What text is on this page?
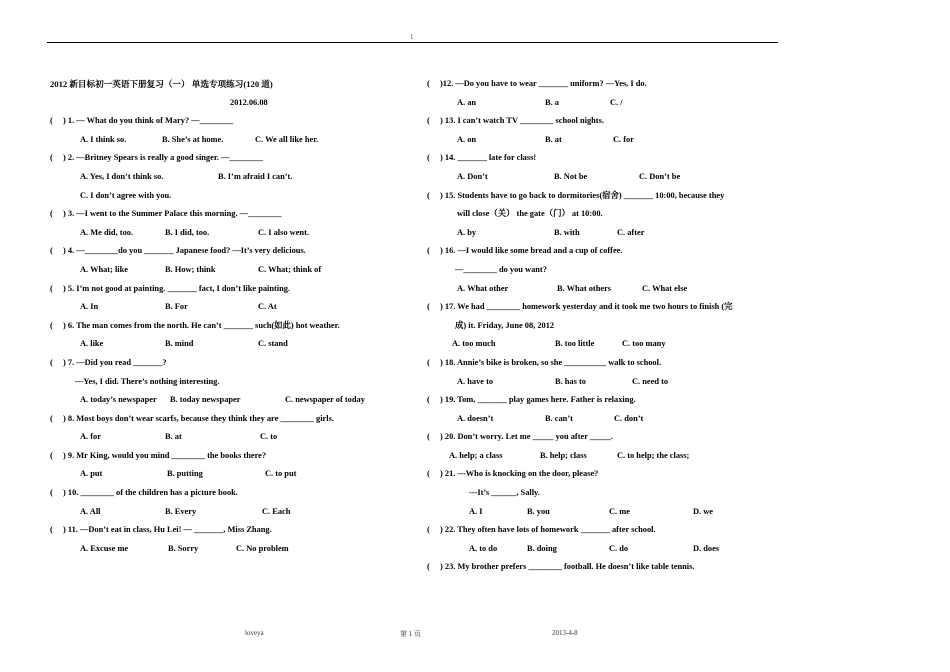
1
2012 新目标初一英语下册复习（一） 单选专项练习(120 道)
2012.06.08
( ) 1. — What do you think of Mary? —________
A. I think so.	B. She’s at home.	C. We all like her.
( ) 2. —Britney Spears is really a good singer. —________
A. Yes, I don’t think so.	B. I’m afraid I can’t.
C. I don’t agree with you.
( ) 3. —I went to the Summer Palace this morning. —________
A. Me did, too.	B. I did, too.	C. I also went.
( ) 4. —________do you _______ Japanese food? —It’s very delicious.
A. What; like	B. How; think	C. What; think of
( ) 5. I’m not good at painting. _______ fact, I don’t like painting.
A. In	B. For	C. At
( ) 6. The man comes from the north. He can’t _______ such(如此) hot weather.
A. like	B. mind	C. stand
( ) 7. —Did you read _______?
—Yes, I did. There’s nothing interesting.
A. today’s newspaper B. today newspaper	C. newspaper of today
( ) 8. Most boys don’t wear scarfs, because they think they are ________ girls.
A. for	B. at	C. to
( ) 9. Mr King, would you mind ________ the books there?
A. put	B. putting	C. to put
( ) 10. ________ of the children has a picture book.
A. All	B. Every	C. Each
( ) 11. —Don’t eat in class, Hu Lei! — _______, Miss Zhang.
A. Excuse me	B. Sorry	C. No problem
( )12. —Do you have to wear _______ uniform? —Yes, I do.
A. an	B. a	C. /
( ) 13. I can’t watch TV ________ school nights.
A. on	B. at	C. for
( ) 14. _______ late for class!
A. Don’t	B. Not be	C. Don’t be
( ) 15. Students have to go back to dormitories(宿舍) _______ 10:00, because they
will close（关） the gate（门） at 10:00.
A. by	B. with	C. after
( ) 16. —I would like some bread and a cup of coffee.
—________ do you want?
A. What other	B. What others	C. What else
( ) 17. We had ________ homework yesterday and it took me two hours to finish (完
成) it. Friday, June 08, 2012
A. too much	B. too little	C. too many
( ) 18. Annie’s bike is broken, so she __________ walk to school.
A. have to	B. has to	C. need to
( ) 19. Tom, _______ play games here. Father is relaxing.
A. doesn’t	B. can’t	C. don’t
( ) 20. Don’t worry. Let me _____ you after _____.
A. help; a class	B. help; class	C. to help; the class;
( ) 21. ---Who is knocking on the door, please?
---It’s ______, Sally.
A. I	B. you	C. me	D. we
( ) 22. They often have lots of homework _______ after school.
A. to do	B. doing	C. do	D. does
( ) 23. My brother prefers ________ football. He doesn’t like table tennis.
loveya	第 1 页	2013-4-8
